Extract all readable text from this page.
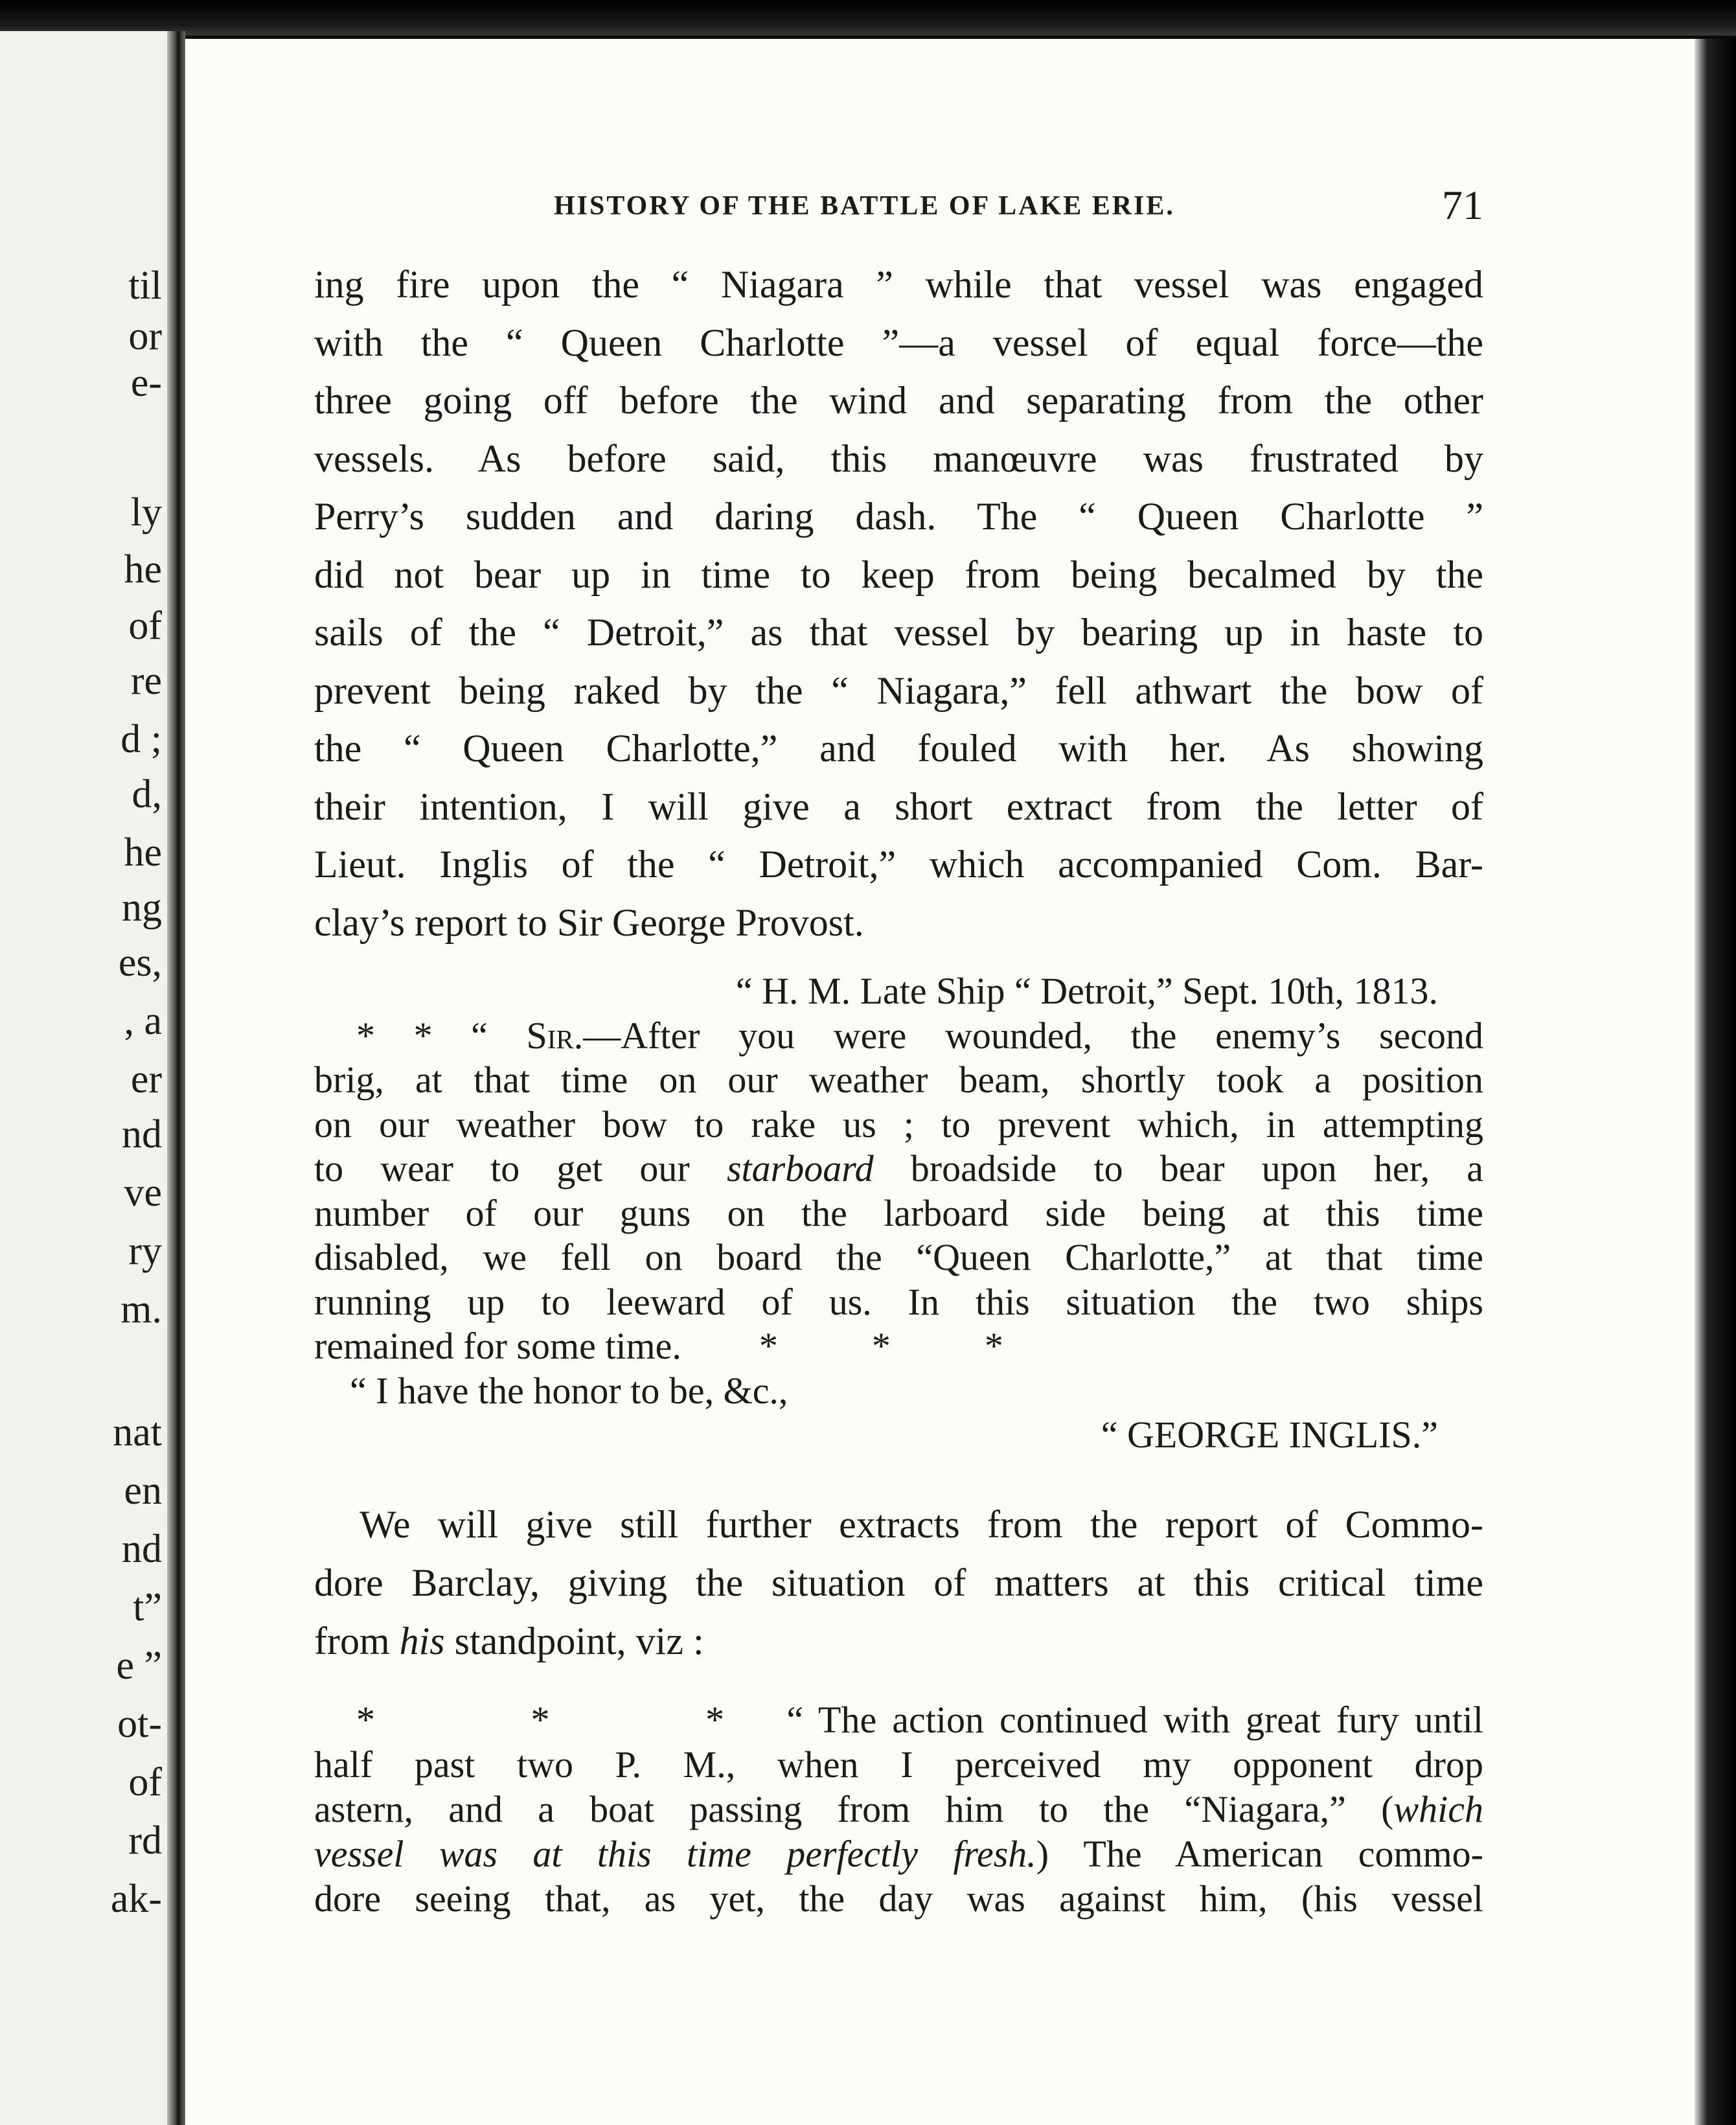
til
or
e-
ly
he
of
re
d ;
d,
he
ng
es,
, a
er
nd
ve
ry
m.
nat
en
nd
t”
e ”
ot-
of
rd
ak-
HISTORY OF THE BATTLE OF LAKE ERIE.	71
ing fire upon the “ Niagara ” while that vessel was engaged
with the “ Queen Charlotte ”—a vessel of equal force—the
three going off before the wind and separating from the other
vessels. As before said, this manœuvre was frustrated by
Perry’s sudden and daring dash. The “ Queen Charlotte ”
did not bear up in time to keep from being becalmed by the
sails of the “ Detroit,” as that vessel by bearing up in haste to
prevent being raked by the “ Niagara,” fell athwart the bow of
the “ Queen Charlotte,” and fouled with her. As showing
their intention, I will give a short extract from the letter of
Lieut. Inglis of the “ Detroit,” which accompanied Com. Bar-
clay’s report to Sir George Provost.
“ H. M. Late Ship “ Detroit,” Sept. 10th, 1813.
* * “ Sir.—After you were wounded, the enemy’s second
brig, at that time on our weather beam, shortly took a position
on our weather bow to rake us ; to prevent which, in attempting
to wear to get our starboard broadside to bear upon her, a
number of our guns on the larboard side being at this time
disabled, we fell on board the “Queen Charlotte,” at that time
running up to leeward of us. In this situation the two ships
remained for some time. *          *          *
“ I have the honor to be, &c.,
“ GEORGE INGLIS.”
We will give still further extracts from the report of Commo-
dore Barclay, giving the situation of matters at this critical time
from his standpoint, viz :
*          *          * “ The action continued with great fury until
half past two P. M., when I perceived my opponent drop
astern, and a boat passing from him to the “Niagara,” (which
vessel was at this time perfectly fresh.) The American commo-
dore seeing that, as yet, the day was against him, (his vessel
